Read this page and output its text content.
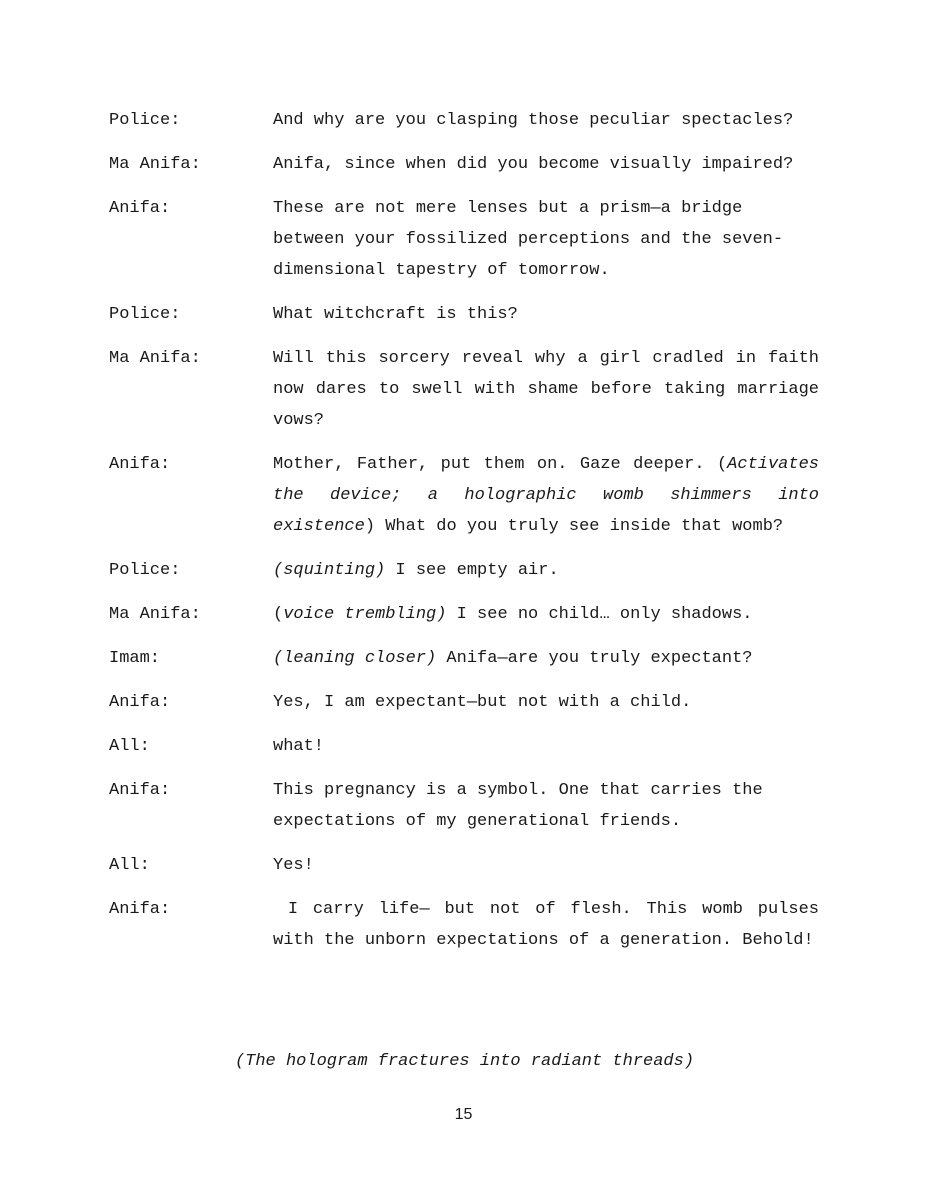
Police:	And why are you clasping those peculiar spectacles?
Ma Anifa:	Anifa, since when did you become visually impaired?
Anifa:	These are not mere lenses but a prism—a bridge between your fossilized perceptions and the seven-dimensional tapestry of tomorrow.
Police:	What witchcraft is this?
Ma Anifa:	Will this sorcery reveal why a girl cradled in faith now dares to swell with shame before taking marriage vows?
Anifa:	Mother, Father, put them on. Gaze deeper. (Activates the device; a holographic womb shimmers into existence) What do you truly see inside that womb?
Police:	(squinting) I see empty air.
Ma Anifa:	(voice trembling) I see no child… only shadows.
Imam:	(leaning closer) Anifa—are you truly expectant?
Anifa:	Yes, I am expectant—but not with a child.
All:	what!
Anifa:	This pregnancy is a symbol. One that carries the expectations of my generational friends.
All:	Yes!
Anifa:	I carry life— but not of flesh. This womb pulses with the unborn expectations of a generation. Behold!
(The hologram fractures into radiant threads)
15
